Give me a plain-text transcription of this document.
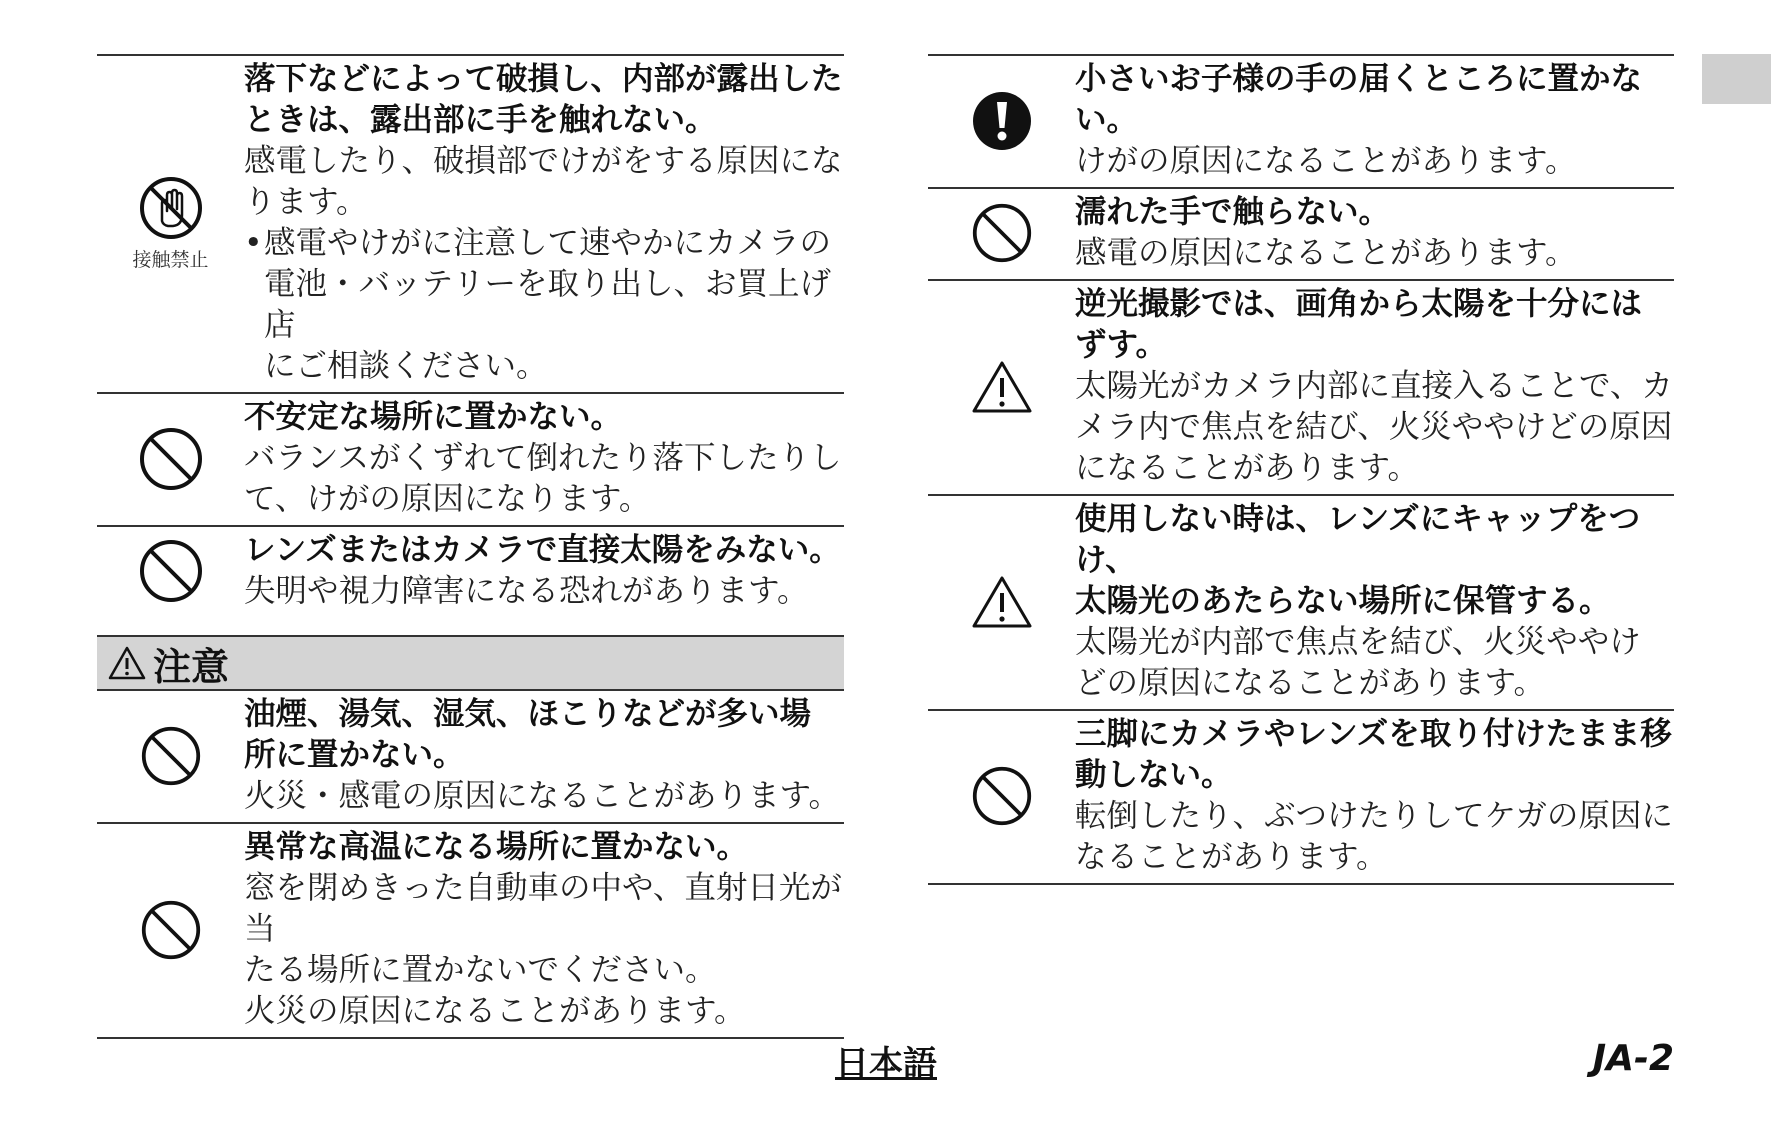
接触禁止
落下などによって破損し、内部が露出した
ときは、露出部に手を触れない。
感電したり、破損部でけがをする原因にな
ります。
• 感電やけがに注意して速やかにカメラの
電池・バッテリーを取り出し、お買上げ店
にご相談ください。
不安定な場所に置かない。
バランスがくずれて倒れたり落下したりし
て、けがの原因になります。
レンズまたはカメラで直接太陽をみない。
失明や視力障害になる恐れがあります。
注意
油煙、湯気、湿気、ほこりなどが多い場
所に置かない。
火災・感電の原因になることがあります。
異常な高温になる場所に置かない。
窓を閉めきった自動車の中や、直射日光が当
たる場所に置かないでください。
火災の原因になることがあります。
小さいお子様の手の届くところに置かない。
けがの原因になることがあります。
濡れた手で触らない。
感電の原因になることがあります。
逆光撮影では、画角から太陽を十分には
ずす。
太陽光がカメラ内部に直接入ることで、カ
メラ内で焦点を結び、火災ややけどの原因
になることがあります。
使用しない時は、レンズにキャップをつけ、
太陽光のあたらない場所に保管する。
太陽光が内部で焦点を結び、火災ややけ
どの原因になることがあります。
三脚にカメラやレンズを取り付けたまま移
動しない。
転倒したり、ぶつけたりしてケガの原因に
なることがあります。
日本語	JA-2
